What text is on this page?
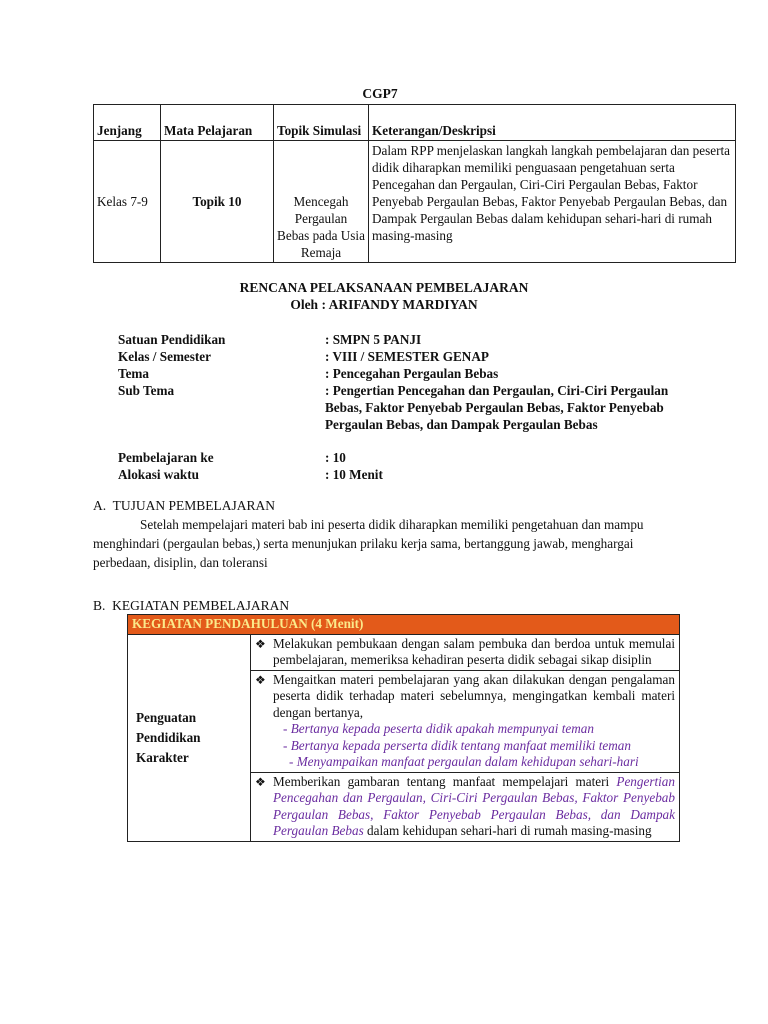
CGP7
Jenjang	Mata Pelajaran	Topik Simulasi	Keterangan/Deskripsi
Kelas 7-9	Topik 10	Mencegah Pergaulan Bebas pada Usia Remaja	Dalam RPP menjelaskan langkah langkah pembelajaran dan peserta didik diharapkan memiliki penguasaan pengetahuan serta Pencegahan dan Pergaulan, Ciri-Ciri Pergaulan Bebas, Faktor Penyebab Pergaulan Bebas, Faktor Penyebab Pergaulan Bebas, dan Dampak Pergaulan Bebas dalam kehidupan sehari-hari di rumah masing-masing
RENCANA PELAKSANAAN PEMBELAJARAN
Oleh : ARIFANDY MARDIYAN
Satuan Pendidikan	: SMPN 5 PANJI
Kelas / Semester	: VIII / SEMESTER GENAP
Tema	: Pencegahan Pergaulan Bebas
Sub Tema	: Pengertian Pencegahan dan Pergaulan, Ciri-Ciri Pergaulan Bebas, Faktor Penyebab Pergaulan Bebas, Faktor Penyebab Pergaulan Bebas, dan Dampak Pergaulan Bebas
Pembelajaran ke	: 10
Alokasi waktu	: 10 Menit
A.  TUJUAN PEMBELAJARAN
Setelah mempelajari materi bab ini peserta didik diharapkan memiliki pengetahuan dan mampu menghindari (pergaulan bebas,) serta menunjukan prilaku kerja sama, bertanggung jawab, menghargai perbedaan, disiplin, dan toleransi
B.  KEGIATAN PEMBELAJARAN
KEGIATAN PENDAHULUAN (4 Menit)

Penguatan
Pendidikan
Karakter

❖ Melakukan pembukaan dengan salam pembuka dan berdoa untuk memulai pembelajaran, memeriksa kehadiran peserta didik sebagai sikap disiplin

❖ Mengaitkan materi pembelajaran yang akan dilakukan dengan pengalaman peserta didik terhadap materi sebelumnya, mengingatkan kembali materi dengan bertanya,
- Bertanya kepada peserta didik apakah mempunyai teman
- Bertanya kepada perserta didik tentang manfaat memiliki teman
- Menyampaikan manfaat pergaulan dalam kehidupan sehari-hari

❖ Memberikan gambaran tentang manfaat mempelajari materi Pengertian Pencegahan dan Pergaulan, Ciri-Ciri Pergaulan Bebas, Faktor Penyebab Pergaulan Bebas, Faktor Penyebab Pergaulan Bebas, dan Dampak Pergaulan Bebas dalam kehidupan sehari-hari di rumah masing-masing
